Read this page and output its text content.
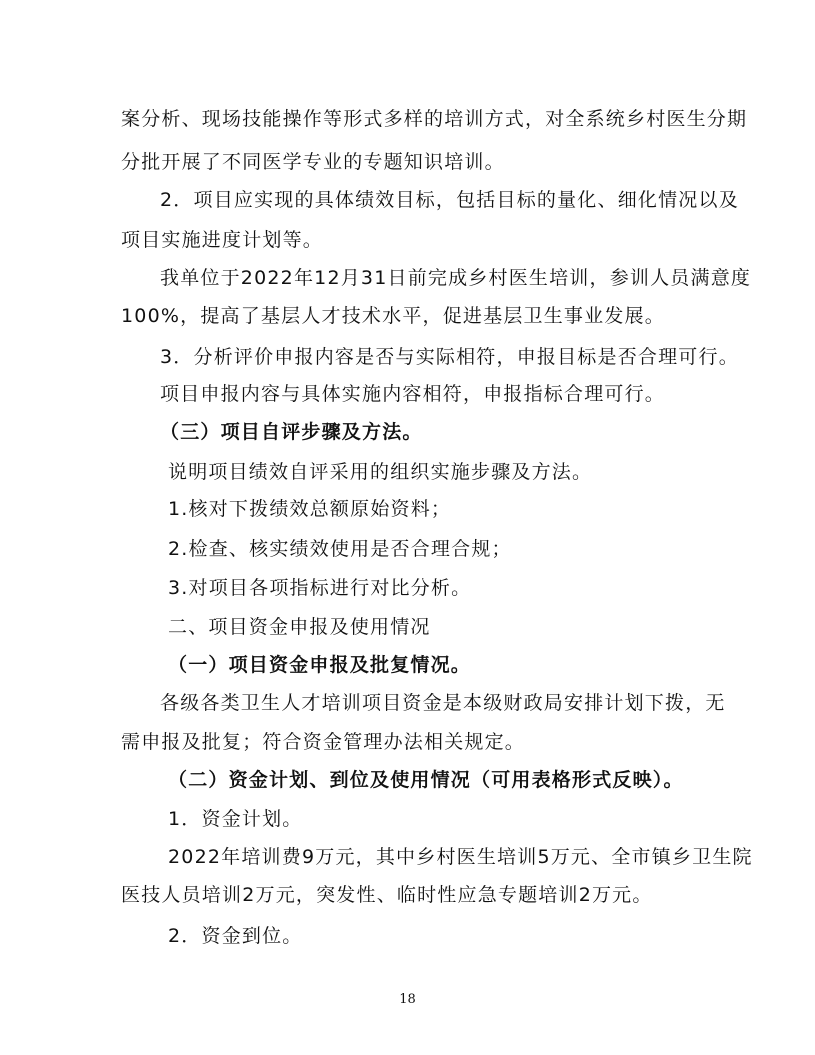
案分析、现场技能操作等形式多样的培训方式，对全系统乡村医生分期
分批开展了不同医学专业的专题知识培训。
2．项目应实现的具体绩效目标，包括目标的量化、细化情况以及
项目实施进度计划等。
我单位于2022年12月31日前完成乡村医生培训，参训人员满意度
100%，提高了基层人才技术水平，促进基层卫生事业发展。
3．分析评价申报内容是否与实际相符，申报目标是否合理可行。
项目申报内容与具体实施内容相符，申报指标合理可行。
（三）项目自评步骤及方法。
说明项目绩效自评采用的组织实施步骤及方法。
1.核对下拨绩效总额原始资料；
2.检查、核实绩效使用是否合理合规；
3.对项目各项指标进行对比分析。
二、项目资金申报及使用情况
（一）项目资金申报及批复情况。
各级各类卫生人才培训项目资金是本级财政局安排计划下拨，无
需申报及批复；符合资金管理办法相关规定。
（二）资金计划、到位及使用情况（可用表格形式反映）。
1．资金计划。
2022年培训费9万元，其中乡村医生培训5万元、全市镇乡卫生院
医技人员培训2万元，突发性、临时性应急专题培训2万元。
2．资金到位。
18
